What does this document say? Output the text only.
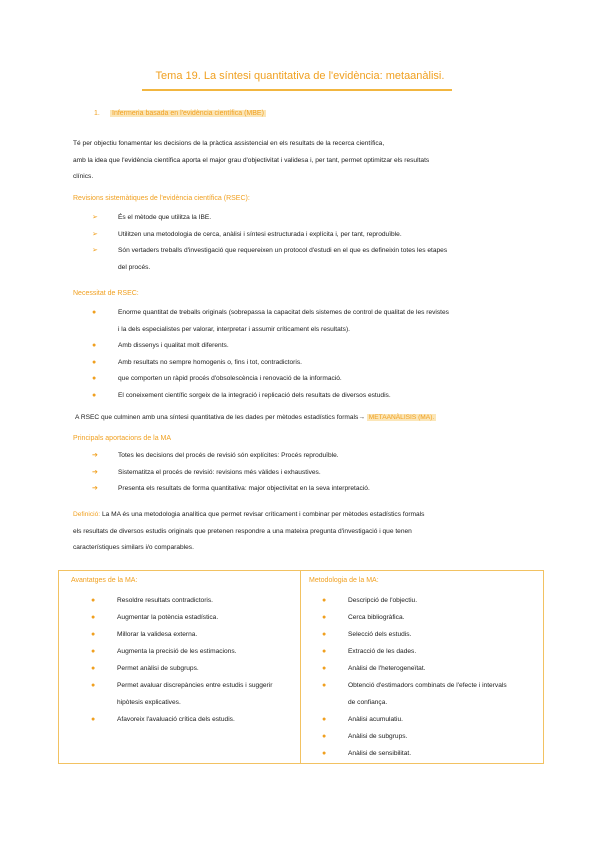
Tema 19. La síntesi quantitativa de l'evidència: metaanàlisi.
1. Infermeria basada en l'evidència científica (MBE)
Té per objectiu fonamentar les decisions de la pràctica assistencial en els resultats de la recerca científica,
amb la idea que l'evidència científica aporta el major grau d'objectivitat i validesa i, per tant, permet optimitzar els resultats
clínics.
Revisions sistemàtiques de l'evidència científica (RSEC):
➢	És el mètode que utilitza la IBE.
➢	Utilitzen una metodologia de cerca, anàlisi i síntesi estructurada i explícita i, per tant, reproduïble.
➢	Són vertaders treballs d'investigació que requereixen un protocol d'estudi en el que es defineixin totes les etapes
del procés.
Necessitat de RSEC:
●	Enorme quantitat de treballs originals (sobrepassa la capacitat dels sistemes de control de qualitat de les revistes
i la dels especialistes per valorar, interpretar i assumir críticament els resultats).
●	Amb dissenys i qualitat molt diferents.
●	Amb resultats no sempre homogenis o, fins i tot, contradictoris.
●	que comporten un ràpid procés d'obsolescència i renovació de la informació.
●	El coneixement científic sorgeix de la integració i replicació dels resultats de diversos estudis.
A RSEC que culminen amb una síntesi quantitativa de les dades per mètodes estadístics formals→ METAANÀLISIS (MA).
Principals aportacions de la MA
➔	Totes les decisions del procés de revisió són explícites: Procés reproduïble.
➔	Sistematitza el procés de revisió: revisions més vàlides i exhaustives.
➔	Presenta els resultats de forma quantitativa: major objectivitat en la seva interpretació.
Definició: La MA és una metodologia analítica que permet revisar críticament i combinar per mètodes estadístics formals
els resultats de diversos estudis originals que pretenen respondre a una mateixa pregunta d'investigació i que tenen
característiques similars i/o comparables.
Avantatges de la MA:
●	Resoldre resultats contradictoris.
●	Augmentar la potència estadística.
●	Millorar la validesa externa.
●	Augmenta la precisió de les estimacions.
●	Permet anàlisi de subgrups.
●	Permet avaluar discrepàncies entre estudis i suggerir
hipòtesis explicatives.
●	Afavoreix l'avaluació crítica dels estudis.
Metodologia de la MA:
●	Descripció de l'objectiu.
●	Cerca bibliogràfica.
●	Selecció dels estudis.
●	Extracció de les dades.
●	Anàlisi de l'heterogeneïtat.
●	Obtenció d'estimadors combinats de l'efecte i intervals
de confiança.
●	Anàlisi acumulatiu.
●	Anàlisi de subgrups.
●	Anàlisi de sensibilitat.
